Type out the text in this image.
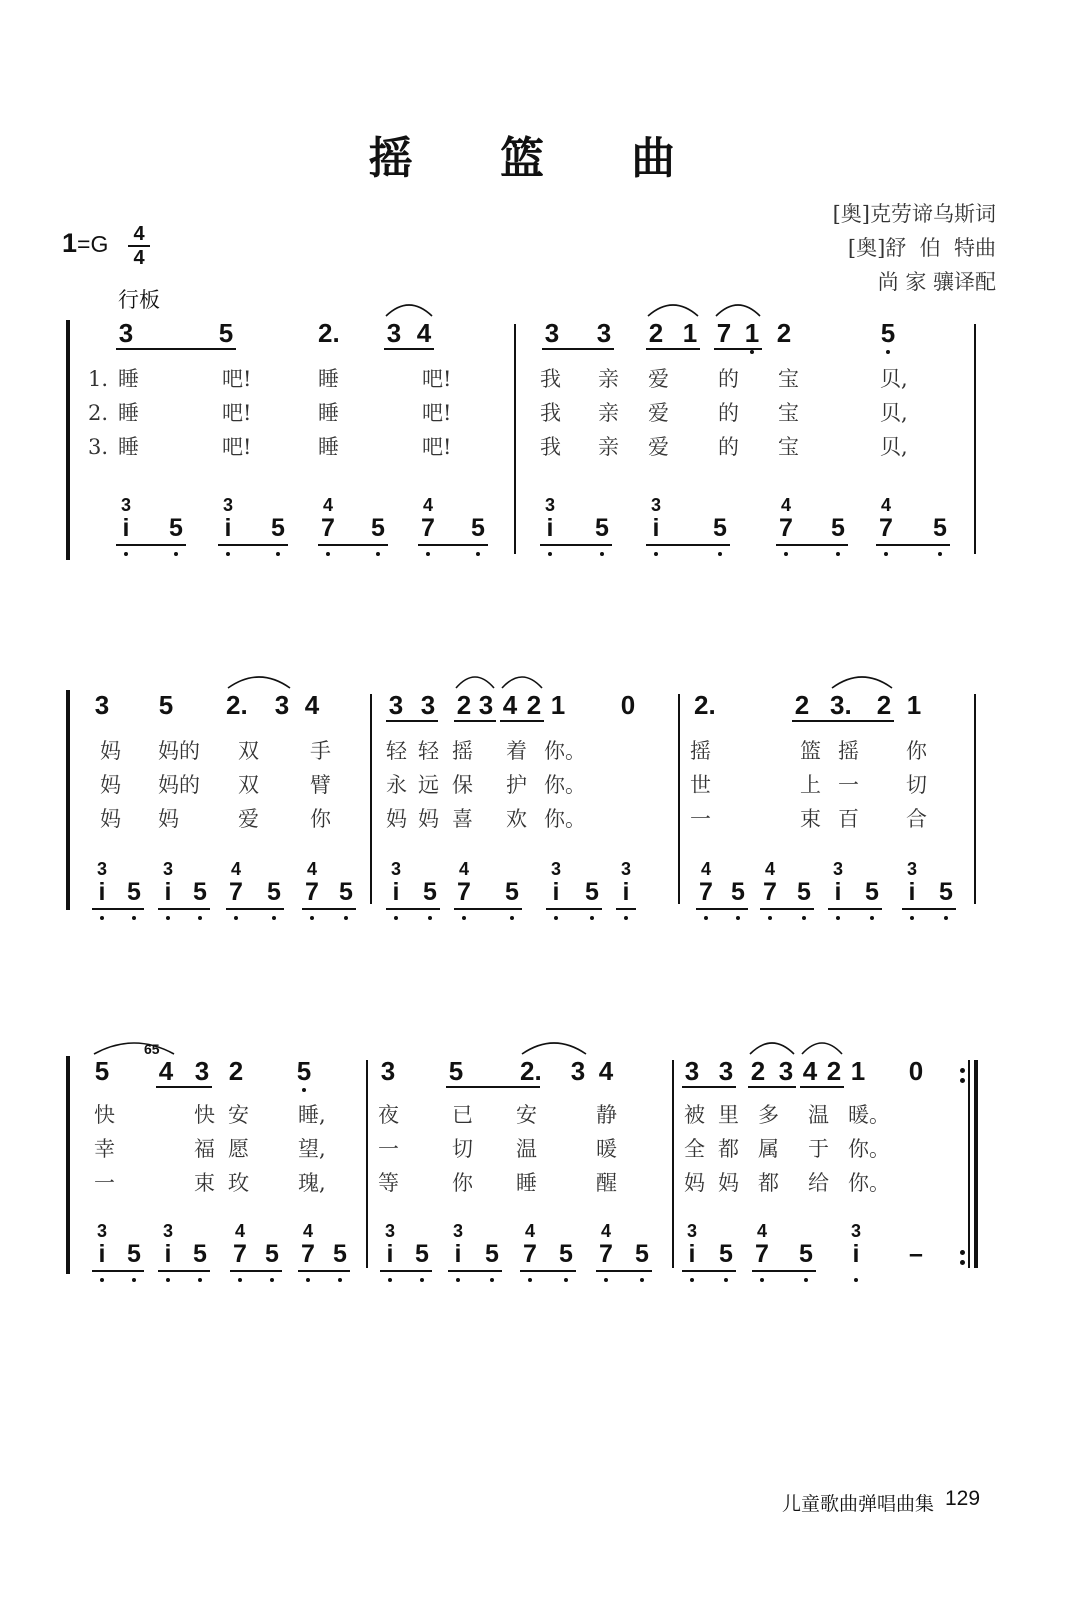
摇 篮 曲
[奥]克劳谛乌斯词
[奥]舒  伯  特曲
尚 家 骧译配
1=G 4
4
行板
3	5	2. 3 4	3 3 2 1 7 1 2	5
1. 睡	吧!	睡	吧!	我 亲 爱 的 宝	贝,
2. 睡	吧!	睡	吧!	我 亲 爱 的 宝	贝,
3. 睡	吧!	睡	吧!	我 亲 爱 的 宝	贝,
3	3	4	4	3	3	4	4
i 5 i 5 7 5 7 5 i 5 i 5 7 5 7 5
3 5 2. 3 4	3 3 2 3 4 2 1 0 2.	2 3. 2 1
妈 妈的 双 手	轻 轻 摇 着 你。	摇	篮 摇 你
妈 妈的 双 臂	永 远 保 护 你。	世	上 一 切
妈 妈	爱 你	妈 妈 喜 欢 你。	一	束 百 合
3	3	4	4	3	4	3	3	4	4	3	3
i 5 i 5 7 5 7 5 i 5 7 5 i 5 i	7 5 7 5 i 5 i 5
5 4 3 2 5	3 5 2. 3 4	3 3 2 3 4 2 1 0
65
快	快 安 睡, 夜	已 安	静	被 里 多 温 暖。
幸	福 愿 望, 一	切 温	暖	全 都 属 于 你。
一	束 玫 瑰, 等	你 睡	醒	妈 妈 都 给 你。
3	3	4	4	3	3	4	4	3	4	3
i 5 i 5 7 5 7 5 i 5 i 5 7 5 7 5 i 5 7 5 i –
儿童歌曲弹唱曲集 129
